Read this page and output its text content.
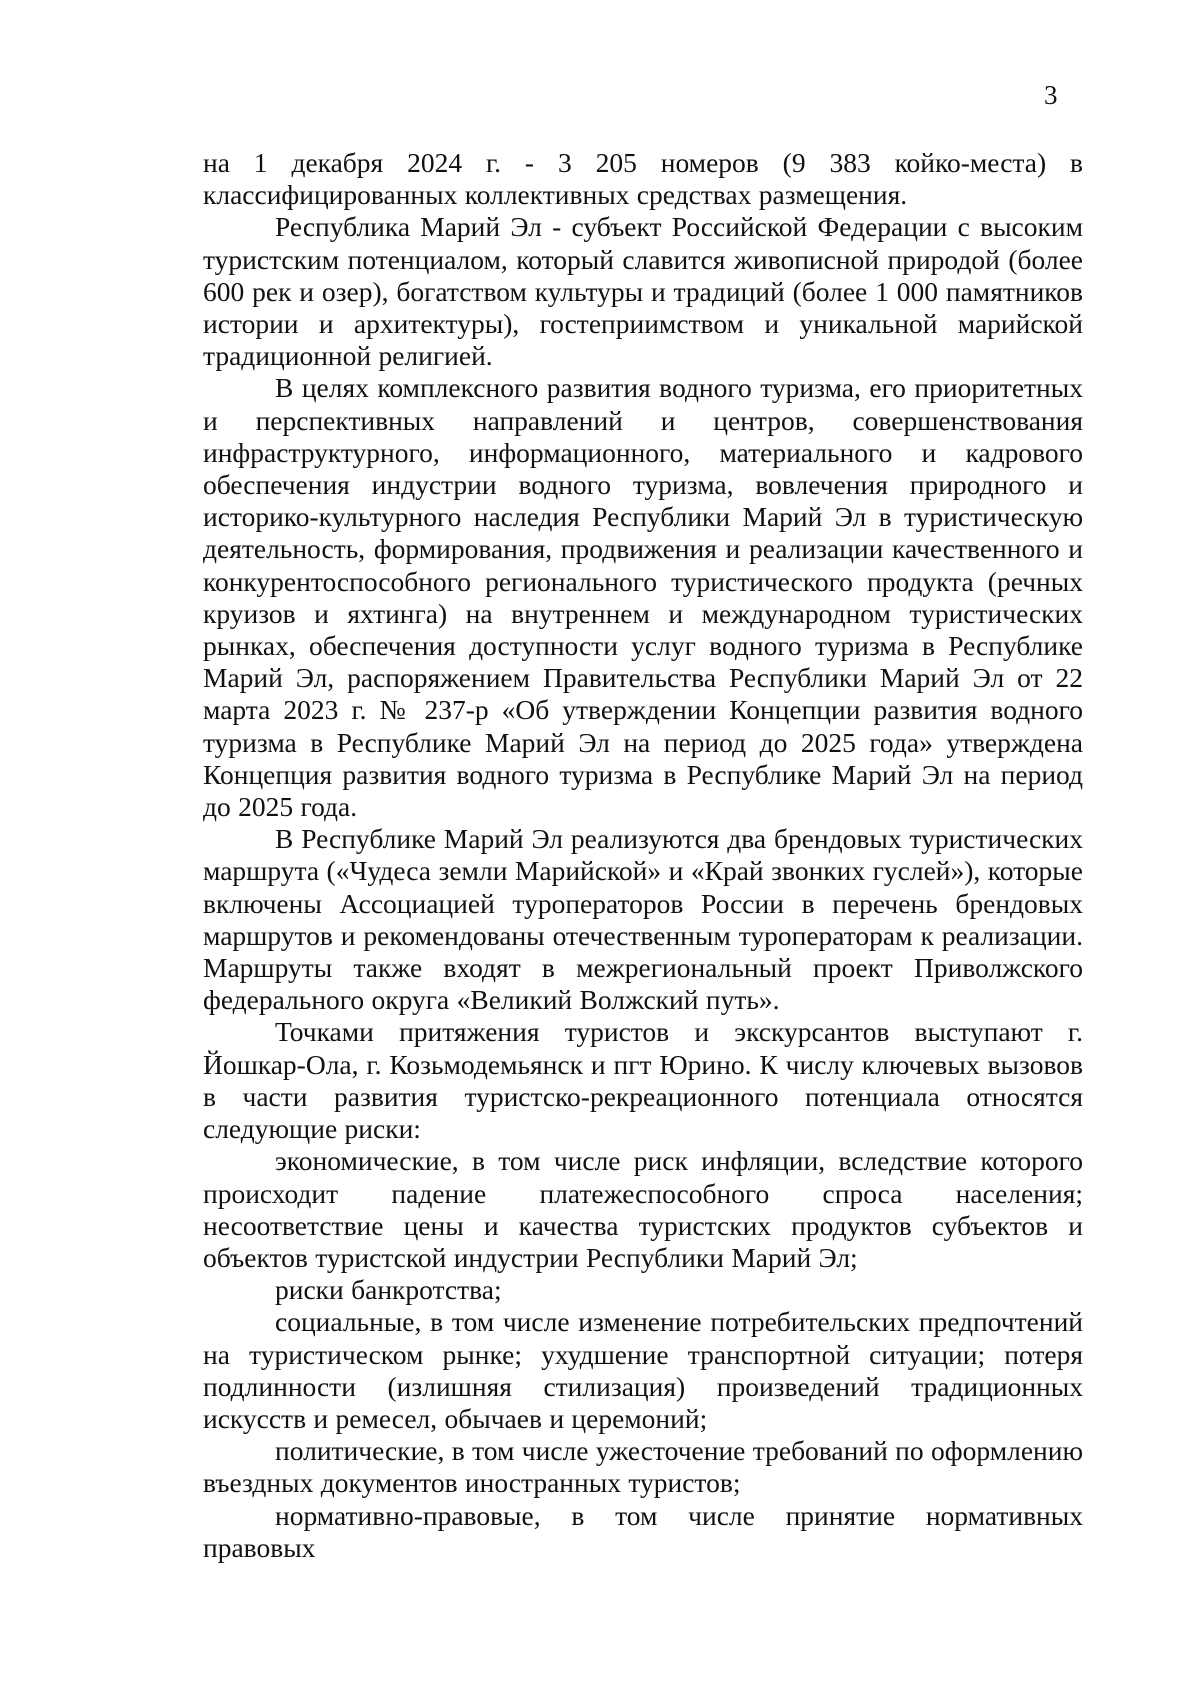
3

на 1 декабря 2024 г. - 3 205 номеров (9 383 койко-места) в классифицированных коллективных средствах размещения.

Республика Марий Эл - субъект Российской Федерации с высоким туристским потенциалом, который славится живописной природой (более 600 рек и озер), богатством культуры и традиций (более 1 000 памятников истории и архитектуры), гостеприимством и уникальной марийской традиционной религией.

В целях комплексного развития водного туризма, его приоритетных и перспективных направлений и центров, совершенствования инфраструктурного, информационного, материального и кадрового обеспечения индустрии водного туризма, вовлечения природного и историко-культурного наследия Республики Марий Эл в туристическую деятельность, формирования, продвижения и реализации качественного и конкурентоспособного регионального туристического продукта (речных круизов и яхтинга) на внутреннем и международном туристических рынках, обеспечения доступности услуг водного туризма в Республике Марий Эл, распоряжением Правительства Республики Марий Эл от 22 марта 2023 г. № 237-р «Об утверждении Концепции развития водного туризма в Республике Марий Эл на период до 2025 года» утверждена Концепция развития водного туризма в Республике Марий Эл на период до 2025 года.

В Республике Марий Эл реализуются два брендовых туристических маршрута («Чудеса земли Марийской» и «Край звонких гуслей»), которые включены Ассоциацией туроператоров России в перечень брендовых маршрутов и рекомендованы отечественным туроператорам к реализации. Маршруты также входят в межрегиональный проект Приволжского федерального округа «Великий Волжский путь».

Точками притяжения туристов и экскурсантов выступают г. Йошкар-Ола, г. Козьмодемьянск и пгт Юрино. К числу ключевых вызовов в части развития туристско-рекреационного потенциала относятся следующие риски:

экономические, в том числе риск инфляции, вследствие которого происходит падение платежеспособного спроса населения; несоответствие цены и качества туристских продуктов субъектов и объектов туристской индустрии Республики Марий Эл;

риски банкротства;

социальные, в том числе изменение потребительских предпочтений на туристическом рынке; ухудшение транспортной ситуации; потеря подлинности (излишняя стилизация) произведений традиционных искусств и ремесел, обычаев и церемоний;

политические, в том числе ужесточение требований по оформлению въездных документов иностранных туристов;

нормативно-правовые, в том числе принятие нормативных правовых
